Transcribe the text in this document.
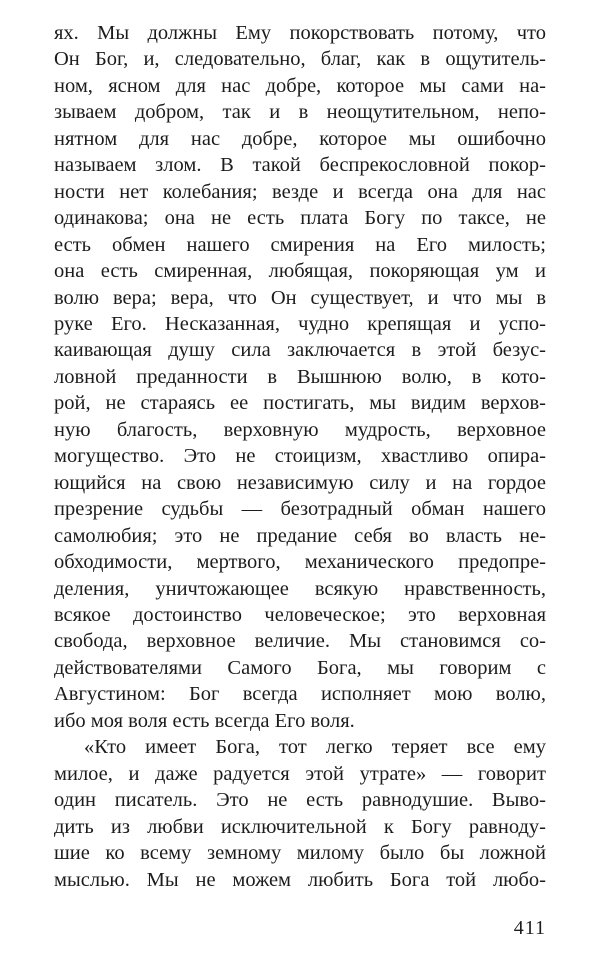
ях. Мы должны Ему покорствовать потому, что
Он Бог, и, следовательно, благ, как в ощутитель-
ном, ясном для нас добре, которое мы сами на-
зываем добром, так и в неощутительном, непо-
нятном для нас добре, которое мы ошибочно
называем злом. В такой беспрекословной покор-
ности нет колебания; везде и всегда она для нас
одинакова; она не есть плата Богу по таксе, не
есть обмен нашего смирения на Его милость;
она есть смиренная, любящая, покоряющая ум и
волю вера; вера, что Он существует, и что мы в
руке Его. Несказанная, чудно крепящая и успо-
каивающая душу сила заключается в этой безус-
ловной преданности в Вышнюю волю, в кото-
рой, не стараясь ее постигать, мы видим верхов-
ную благость, верховную мудрость, верховное
могущество. Это не стоицизм, хвастливо опира-
ющийся на свою независимую силу и на гордое
презрение судьбы — безотрадный обман нашего
самолюбия; это не предание себя во власть не-
обходимости, мертвого, механического предопре-
деления, уничтожающее всякую нравственность,
всякое достоинство человеческое; это верховная
свобода, верховное величие. Мы становимся со-
действователями Самого Бога, мы говорим с
Августином: Бог всегда исполняет мою волю,
ибо моя воля есть всегда Его воля.
«Кто имеет Бога, тот легко теряет все ему
милое, и даже радуется этой утрате» — говорит
один писатель. Это не есть равнодушие. Выво-
дить из любви исключительной к Богу равноду-
шие ко всему земному милому было бы ложной
мыслью. Мы не можем любить Бога той любо-
411
